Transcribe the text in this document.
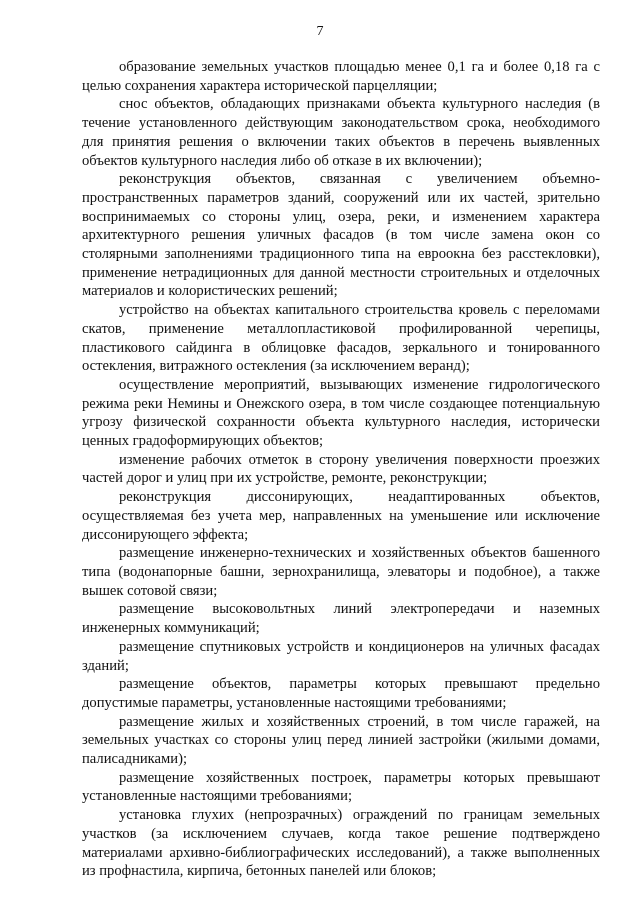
7

образование земельных участков площадью менее 0,1 га и более 0,18 га с целью сохранения характера исторической парцелляции;

снос объектов, обладающих признаками объекта культурного наследия (в течение установленного действующим законодательством срока, необходимого для принятия решения о включении таких объектов в перечень выявленных объектов культурного наследия либо об отказе в их включении);

реконструкция объектов, связанная с увеличением объемно-пространственных параметров зданий, сооружений или их частей, зрительно воспринимаемых со стороны улиц, озера, реки, и изменением характера архитектурного решения уличных фасадов (в том числе замена окон со столярными заполнениями традиционного типа на евроокна без расстекловки), применение нетрадиционных для данной местности строительных и отделочных материалов и колористических решений;

устройство на объектах капитального строительства кровель с переломами скатов, применение металлопластиковой профилированной черепицы, пластикового сайдинга в облицовке фасадов, зеркального и тонированного остекления, витражного остекления (за исключением веранд);

осуществление мероприятий, вызывающих изменение гидрологического режима реки Немины и Онежского озера, в том числе создающее потенциальную угрозу физической сохранности объекта культурного наследия, исторически ценных градоформирующих объектов;

изменение рабочих отметок в сторону увеличения поверхности проезжих частей дорог и улиц при их устройстве, ремонте, реконструкции;

реконструкция диссонирующих, неадаптированных объектов, осуществляемая без учета мер, направленных на уменьшение или исключение диссонирующего эффекта;

размещение инженерно-технических и хозяйственных объектов башенного типа (водонапорные башни, зернохранилища, элеваторы и подобное), а также вышек сотовой связи;

размещение высоковольтных линий электропередачи и наземных инженерных коммуникаций;

размещение спутниковых устройств и кондиционеров на уличных фасадах зданий;

размещение объектов, параметры которых превышают предельно допустимые параметры, установленные настоящими требованиями;

размещение жилых и хозяйственных строений, в том числе гаражей, на земельных участках со стороны улиц перед линией застройки (жилыми домами, палисадниками);

размещение хозяйственных построек, параметры которых превышают установленные настоящими требованиями;

установка глухих (непрозрачных) ограждений по границам земельных участков (за исключением случаев, когда такое решение подтверждено материалами архивно-библиографических исследований), а также выполненных из профнастила, кирпича, бетонных панелей или блоков;
